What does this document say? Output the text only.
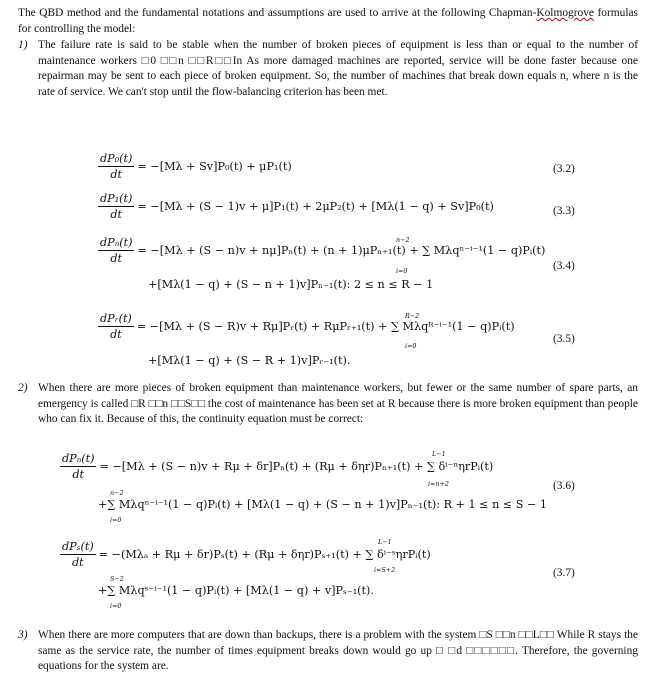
The QBD method and the fundamental notations and assumptions are used to arrive at the following Chapman-Kolmogrove formulas for controlling the model:
1) The failure rate is said to be stable when the number of broken pieces of equipment is less than or equal to the number of maintenance workers □0 □□n □□R□□In As more damaged machines are reported, service will be done faster because one repairman may be sent to each piece of broken equipment. So, the number of machines that break down equals n, where n is the rate of service. We can't stop until the flow-balancing criterion has been met.
$\frac{\text{dP₀(t)}}{dt} = -[M\lambda + Sv]P_0(t) + \mu P_1(t)$	(3.2)
$\frac{\text{dP₁(t)}}{dt} = -[M\lambda + (S - 1)v + \mu]P_1(t) + 2\mu P_2(t) + [M\lambda(1 - q) + Sv]P_0(t)$	(3.3)
$\frac{\text{dPₙ(t)}}{dt} = -[M\lambda + (S - n)v + n\mu]P_n(t) + (n + 1)\mu P_{n+1}(t)$ + ∑ Mλqⁿ⁻ⁱ⁻¹(1 − q)Pᵢ(t)
n−2
i=0
+[Mλ(1 − q) + (S − n + 1)v]Pₙ₋₁(t): 2 ≤ n ≤ R − 1
(3.4)
$\frac{\text{dPᵣ(t)}}{dt} = -[M\lambda + (S - R)v$ + Rμ]Pᵣ(t) + RμPᵣ₊₁(t) + ∑ Mλqᴿ⁻ⁱ⁻¹(1 − q)Pᵢ(t)
R−2
i=0
+[Mλ(1 − q) + (S − R + 1)v]Pᵣ₋₁(t).
(3.5)
2) When there are more pieces of broken equipment than maintenance workers, but fewer or the same number of spare parts, an emergency is called □R □□n □□S□□ the cost of maintenance has been set at R because there is more broken equipment than people who can fix it. Because of this, the continuity equation must be correct:
$\frac{\text{dPₙ(t)}}{dt} = -[M\lambda + (S - n)v + R\mu + \delta r]P_n(t) + (R\mu + \delta\eta r)P_{n+1}(t)$ + ∑ δⁱ⁻ⁿηrPᵢ(t)
L−1
i=n+2
n−2
+∑ Mλqⁿ⁻ⁱ⁻¹(1 − q)Pᵢ(t) + [Mλ(1 − q) + (S − n + 1)v]Pₙ₋₁(t): R + 1 ≤ n ≤ S − 1
i=0
(3.6)
$\frac{\text{dPₛ(t)}}{dt} = -(M\lambda_a + R\mu + \delta r)P_s(t) + (R\mu + \delta\eta r)P_{s+1}(t)$ + ∑ δⁱ⁻ˢηrPᵢ(t)
L−1
i=S+2
S−2
+∑ Mλqˢ⁻ⁱ⁻¹(1 − q)Pᵢ(t) + [Mλ(1 − q) + v]Pₛ₋₁(t).
i=0
(3.7)
3) When there are more computers that are down than backups, there is a problem with the system □S □□n □□L□□ While R stays the same as the service rate, the number of times equipment breaks down would go up □ □d □□□□□□. Therefore, the governing equations for the system are.
